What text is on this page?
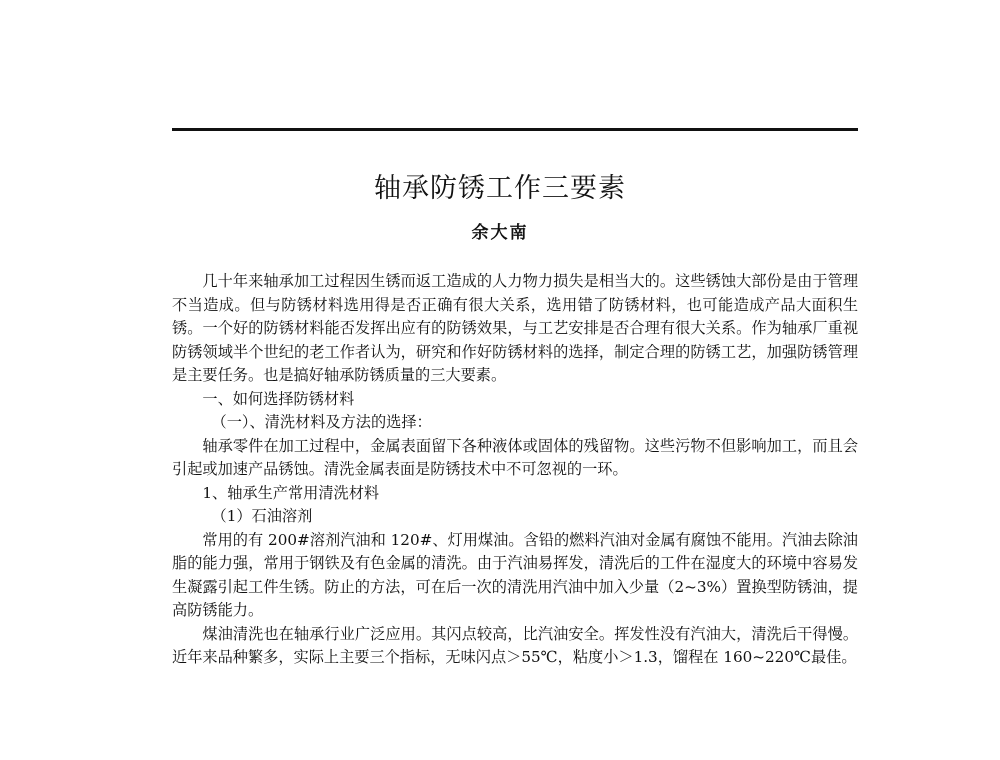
轴承防锈工作三要素
余大南

几十年来轴承加工过程因生锈而返工造成的人力物力损失是相当大的。这些锈蚀大部份是由于管理不当造成。但与防锈材料选用得是否正确有很大关系，选用错了防锈材料，也可能造成产品大面积生锈。一个好的防锈材料能否发挥出应有的防锈效果，与工艺安排是否合理有很大关系。作为轴承厂重视防锈领域半个世纪的老工作者认为，研究和作好防锈材料的选择，制定合理的防锈工艺，加强防锈管理是主要任务。也是搞好轴承防锈质量的三大要素。

一、如何选择防锈材料

（一）、清洗材料及方法的选择：

轴承零件在加工过程中，金属表面留下各种液体或固体的残留物。这些污物不但影响加工，而且会引起或加速产品锈蚀。清洗金属表面是防锈技术中不可忽视的一环。

1、轴承生产常用清洗材料

（1）石油溶剂

常用的有 200#溶剂汽油和 120#、灯用煤油。含铅的燃料汽油对金属有腐蚀不能用。汽油去除油脂的能力强，常用于钢铁及有色金属的清洗。由于汽油易挥发，清洗后的工件在湿度大的环境中容易发生凝露引起工件生锈。防止的方法，可在后一次的清洗用汽油中加入少量（2~3%）置换型防锈油，提高防锈能力。

煤油清洗也在轴承行业广泛应用。其闪点较高，比汽油安全。挥发性没有汽油大，清洗后干得慢。近年来品种繁多，实际上主要三个指标，无味闪点＞55℃，粘度小＞1.3，馏程在 160~220℃最佳。
